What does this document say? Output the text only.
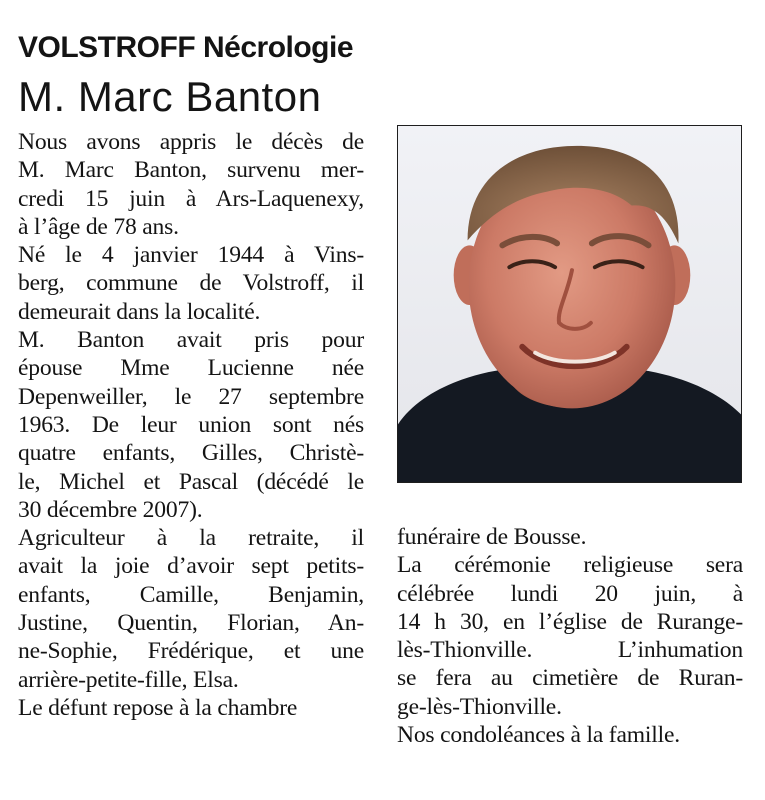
VOLSTROFF Nécrologie
M. Marc Banton
Nous avons appris le décès de
M. Marc Banton, survenu mer-
credi 15 juin à Ars-Laquenexy,
à l’âge de 78 ans.
Né le 4 janvier 1944 à Vins-
berg, commune de Volstroff, il
demeurait dans la localité.
M. Banton avait pris pour
épouse Mme Lucienne née
Depenweiller, le 27 septembre
1963. De leur union sont nés
quatre enfants, Gilles, Christè-
le, Michel et Pascal (décédé le
30 décembre 2007).
Agriculteur à la retraite, il
avait la joie d’avoir sept petits-
enfants, Camille, Benjamin,
Justine, Quentin, Florian, An-
ne-Sophie, Frédérique, et une
arrière-petite-fille, Elsa.
Le défunt repose à la chambre
funéraire de Bousse.
La cérémonie religieuse sera
célébrée lundi 20 juin, à
14 h 30, en l’église de Rurange-
lès-Thionville. L’inhumation
se fera au cimetière de Ruran-
ge-lès-Thionville.
Nos condoléances à la famille.
